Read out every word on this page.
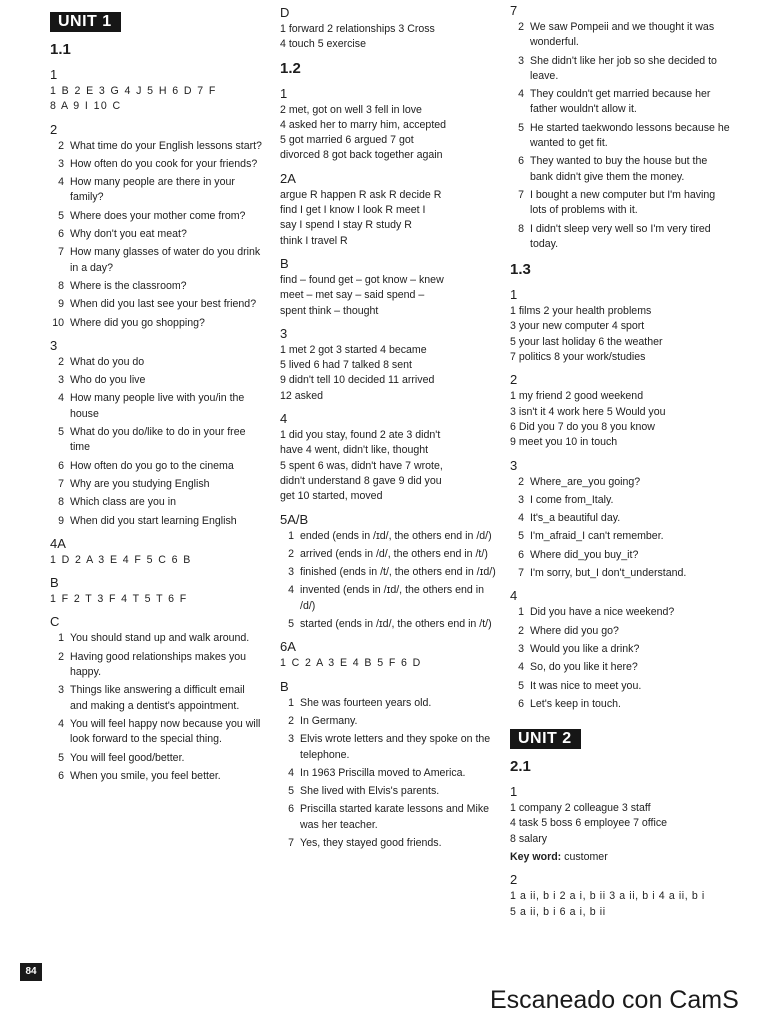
UNIT 1
1.1
1
1 B 2 E 3 G 4 J 5 H 6 D 7 F
8 A 9 I 10 C
2
2 What time do your English lessons start?
3 How often do you cook for your friends?
4 How many people are there in your family?
5 Where does your mother come from?
6 Why don't you eat meat?
7 How many glasses of water do you drink in a day?
8 Where is the classroom?
9 When did you last see your best friend?
10 Where did you go shopping?
3
2 What do you do
3 Who do you live
4 How many people live with you/in the house
5 What do you do/like to do in your free time
6 How often do you go to the cinema
7 Why are you studying English
8 Which class are you in
9 When did you start learning English
4A
1 D 2 A 3 E 4 F 5 C 6 B
B
1 F 2 T 3 F 4 T 5 T 6 F
C
1 You should stand up and walk around.
2 Having good relationships makes you happy.
3 Things like answering a difficult email and making a dentist's appointment.
4 You will feel happy now because you will look forward to the special thing.
5 You will feel good/better.
6 When you smile, you feel better.
D
1 forward 2 relationships 3 Cross
4 touch 5 exercise
1.2
1
2 met, got on well 3 fell in love
4 asked her to marry him, accepted
5 got married 6 argued 7 got
divorced 8 got back together again
2A
argue R happen R ask R decide R
find I get I know I look R meet I
say I spend I stay R study R
think I travel R
B
find – found get – got know – knew
meet – met say – said spend –
spent think – thought
3
1 met 2 got 3 started 4 became
5 lived 6 had 7 talked 8 sent
9 didn't tell 10 decided 11 arrived
12 asked
4
1 did you stay, found 2 ate 3 didn't
have 4 went, didn't like, thought
5 spent 6 was, didn't have 7 wrote,
didn't understand 8 gave 9 did you
get 10 started, moved
5A/B
1 ended (ends in /ɪd/, the others end in /d/)
2 arrived (ends in /d/, the others end in /t/)
3 finished (ends in /t/, the others end in /ɪd/)
4 invented (ends in /ɪd/, the others end in /d/)
5 started (ends in /ɪd/, the others end in /t/)
6A
1 C 2 A 3 E 4 B 5 F 6 D
B
1 She was fourteen years old.
2 In Germany.
3 Elvis wrote letters and they spoke on the telephone.
4 In 1963 Priscilla moved to America.
5 She lived with Elvis's parents.
6 Priscilla started karate lessons and Mike was her teacher.
7 Yes, they stayed good friends.
7
2 We saw Pompeii and we thought it was wonderful.
3 She didn't like her job so she decided to leave.
4 They couldn't get married because her father wouldn't allow it.
5 He started taekwondo lessons because he wanted to get fit.
6 They wanted to buy the house but the bank didn't give them the money.
7 I bought a new computer but I'm having lots of problems with it.
8 I didn't sleep very well so I'm very tired today.
1.3
1
1 films 2 your health problems
3 your new computer 4 sport
5 your last holiday 6 the weather
7 politics 8 your work/studies
2
1 my friend 2 good weekend
3 isn't it 4 work here 5 Would you
6 Did you 7 do you 8 you know
9 meet you 10 in touch
3
2 Where_are_you going?
3 I come from_Italy.
4 It's_a beautiful day.
5 I'm_afraid_I can't remember.
6 Where did_you buy_it?
7 I'm sorry, but_I don't_understand.
4
1 Did you have a nice weekend?
2 Where did you go?
3 Would you like a drink?
4 So, do you like it here?
5 It was nice to meet you.
6 Let's keep in touch.
UNIT 2
2.1
1
1 company 2 colleague 3 staff
4 task 5 boss 6 employee 7 office
8 salary
Key word: customer
2
1 a ii, b i 2 a i, b ii 3 a ii, b i 4 a ii, b i
5 a ii, b i 6 a i, b ii
84
Escaneado con CamS
